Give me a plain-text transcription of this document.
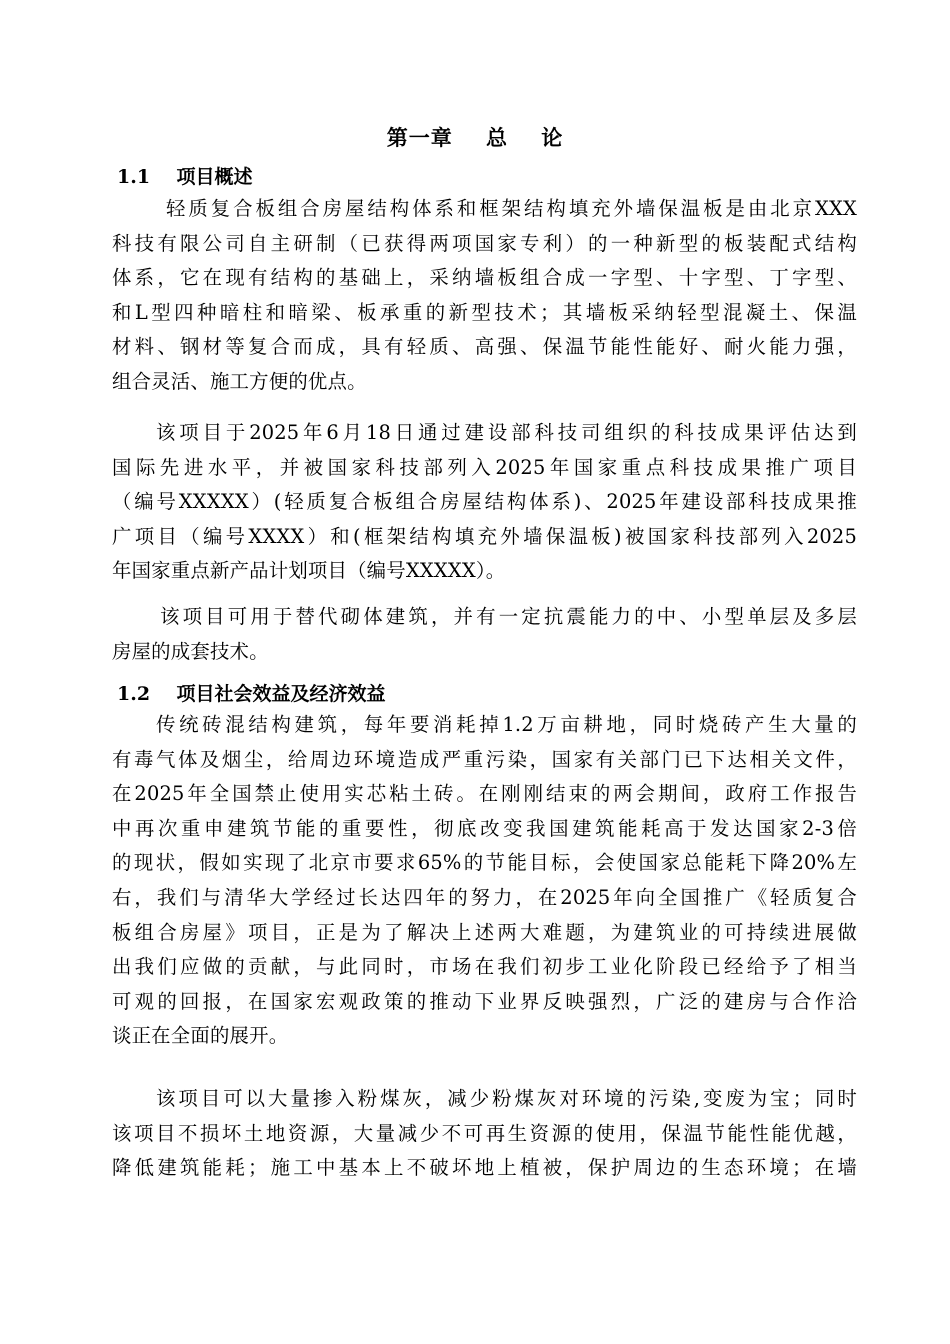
第一章    总    论
1.1    项目概述
轻质复合板组合房屋结构体系和框架结构填充外墙保温板是由北京XXX
科技有限公司自主研制（已获得两项国家专利）的一种新型的板装配式结构
体系，它在现有结构的基础上，采纳墙板组合成一字型、十字型、丁字型、
和L型四种暗柱和暗梁、板承重的新型技术；其墙板采纳轻型混凝土、保温
材料、钢材等复合而成，具有轻质、高强、保温节能性能好、耐火能力强，
组合灵活、施工方便的优点。
该项目于2025年6月18日通过建设部科技司组织的科技成果评估达到
国际先进水平，并被国家科技部列入2025年国家重点科技成果推广项目
（编号XXXXX）(轻质复合板组合房屋结构体系)、2025年建设部科技成果推
广项目（编号XXXX）和(框架结构填充外墙保温板)被国家科技部列入2025
年国家重点新产品计划项目（编号XXXXX）。
该项目可用于替代砌体建筑，并有一定抗震能力的中、小型单层及多层
房屋的成套技术。
1.2    项目社会效益及经济效益
传统砖混结构建筑，每年要消耗掉1.2万亩耕地，同时烧砖产生大量的
有毒气体及烟尘，给周边环境造成严重污染，国家有关部门已下达相关文件，
在2025年全国禁止使用实芯粘土砖。在刚刚结束的两会期间，政府工作报告
中再次重申建筑节能的重要性，彻底改变我国建筑能耗高于发达国家2-3倍
的现状，假如实现了北京市要求65%的节能目标，会使国家总能耗下降20%左
右，我们与清华大学经过长达四年的努力，在2025年向全国推广《轻质复合
板组合房屋》项目，正是为了解决上述两大难题，为建筑业的可持续进展做
出我们应做的贡献，与此同时，市场在我们初步工业化阶段已经给予了相当
可观的回报，在国家宏观政策的推动下业界反映强烈，广泛的建房与合作洽
谈正在全面的展开。
该项目可以大量掺入粉煤灰，减少粉煤灰对环境的污染,变废为宝；同时
该项目不损坏土地资源，大量减少不可再生资源的使用，保温节能性能优越，
降低建筑能耗；施工中基本上不破坏地上植被，保护周边的生态环境；在墙
